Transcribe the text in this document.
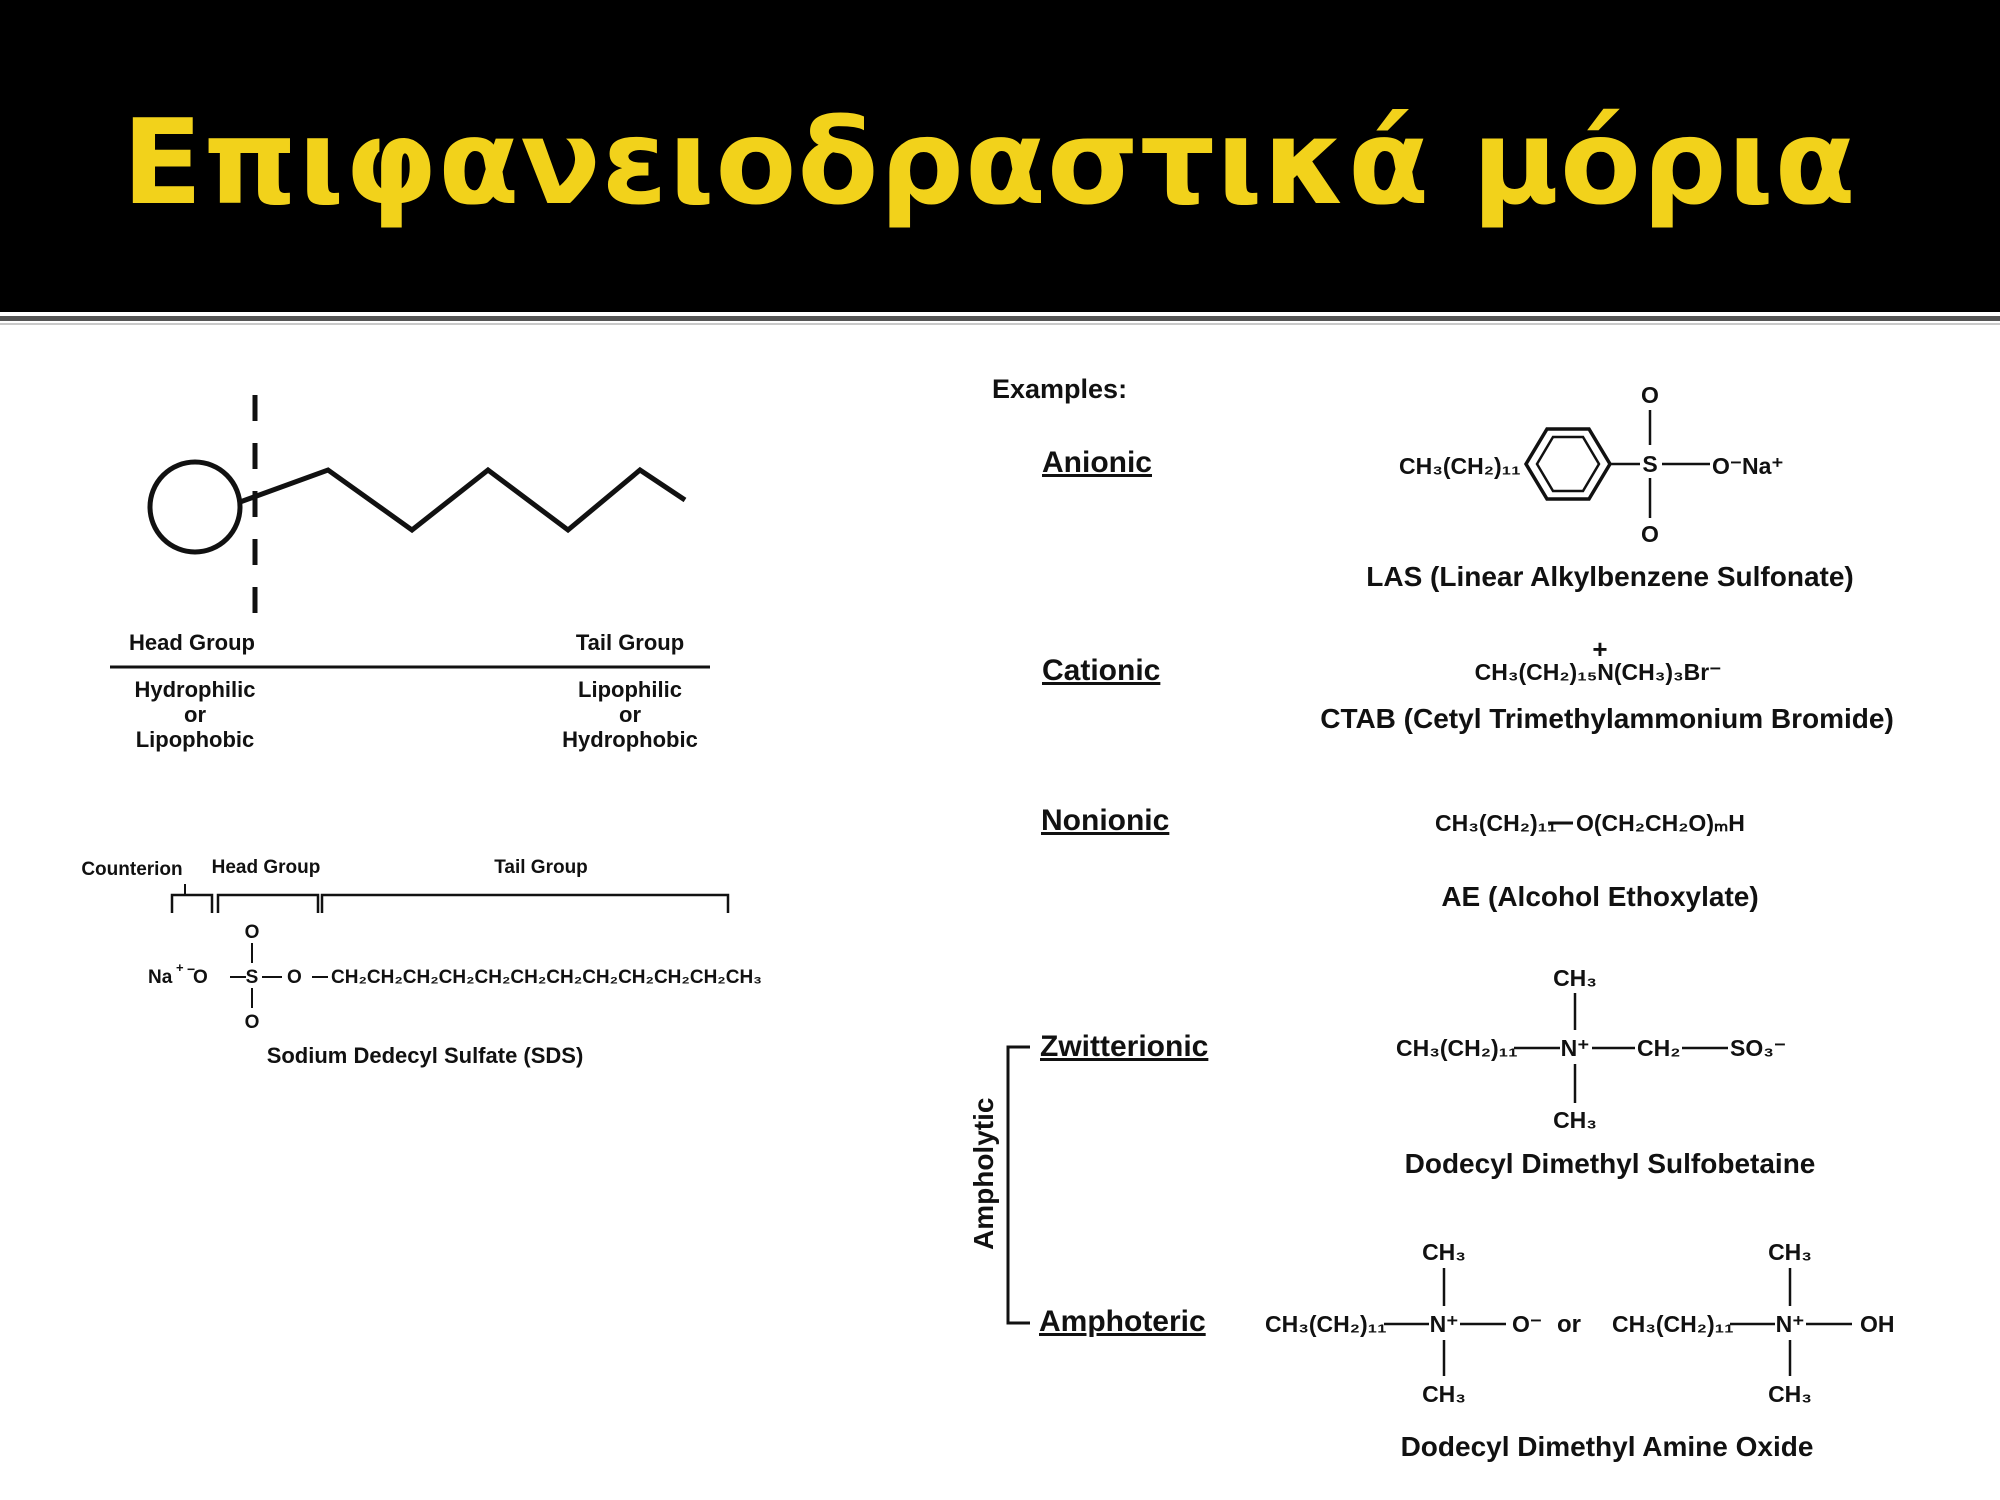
Επιφανειοδραστικά μόρια
Head Group	Tail Group
Hydrophilic
or
Lipophobic
Lipophilic
or
Hydrophobic
Counterion Head Group	Tail Group
Na + −
O S
O
O
O CH₂CH₂CH₂CH₂CH₂CH₂CH₂CH₂CH₂CH₂CH₂CH₃
Sodium Dedecyl Sulfate (SDS)
Examples:
Anionic	CH₃(CH₂)₁₁	S
O
O
O⁻Na⁺
LAS (Linear Alkylbenzene Sulfonate)
Cationic
+
CH₃(CH₂)₁₅N(CH₃)₃Br⁻
CTAB (Cetyl Trimethylammonium Bromide)
Nonionic	CH₃(CH₂)₁₁ O(CH₂CH₂O)ₘH
AE (Alcohol Ethoxylate)
Ampholytic
Zwitterionic
CH₃
CH₃(CH₂)₁₁ N⁺ CH₂ SO₃⁻
CH₃
Dodecyl Dimethyl Sulfobetaine
Amphoteric
CH₃
CH₃(CH₂)₁₁ N⁺ O⁻
CH₃
or
CH₃
CH₃(CH₂)₁₁ N⁺ OH
CH₃
Dodecyl Dimethyl Amine Oxide
